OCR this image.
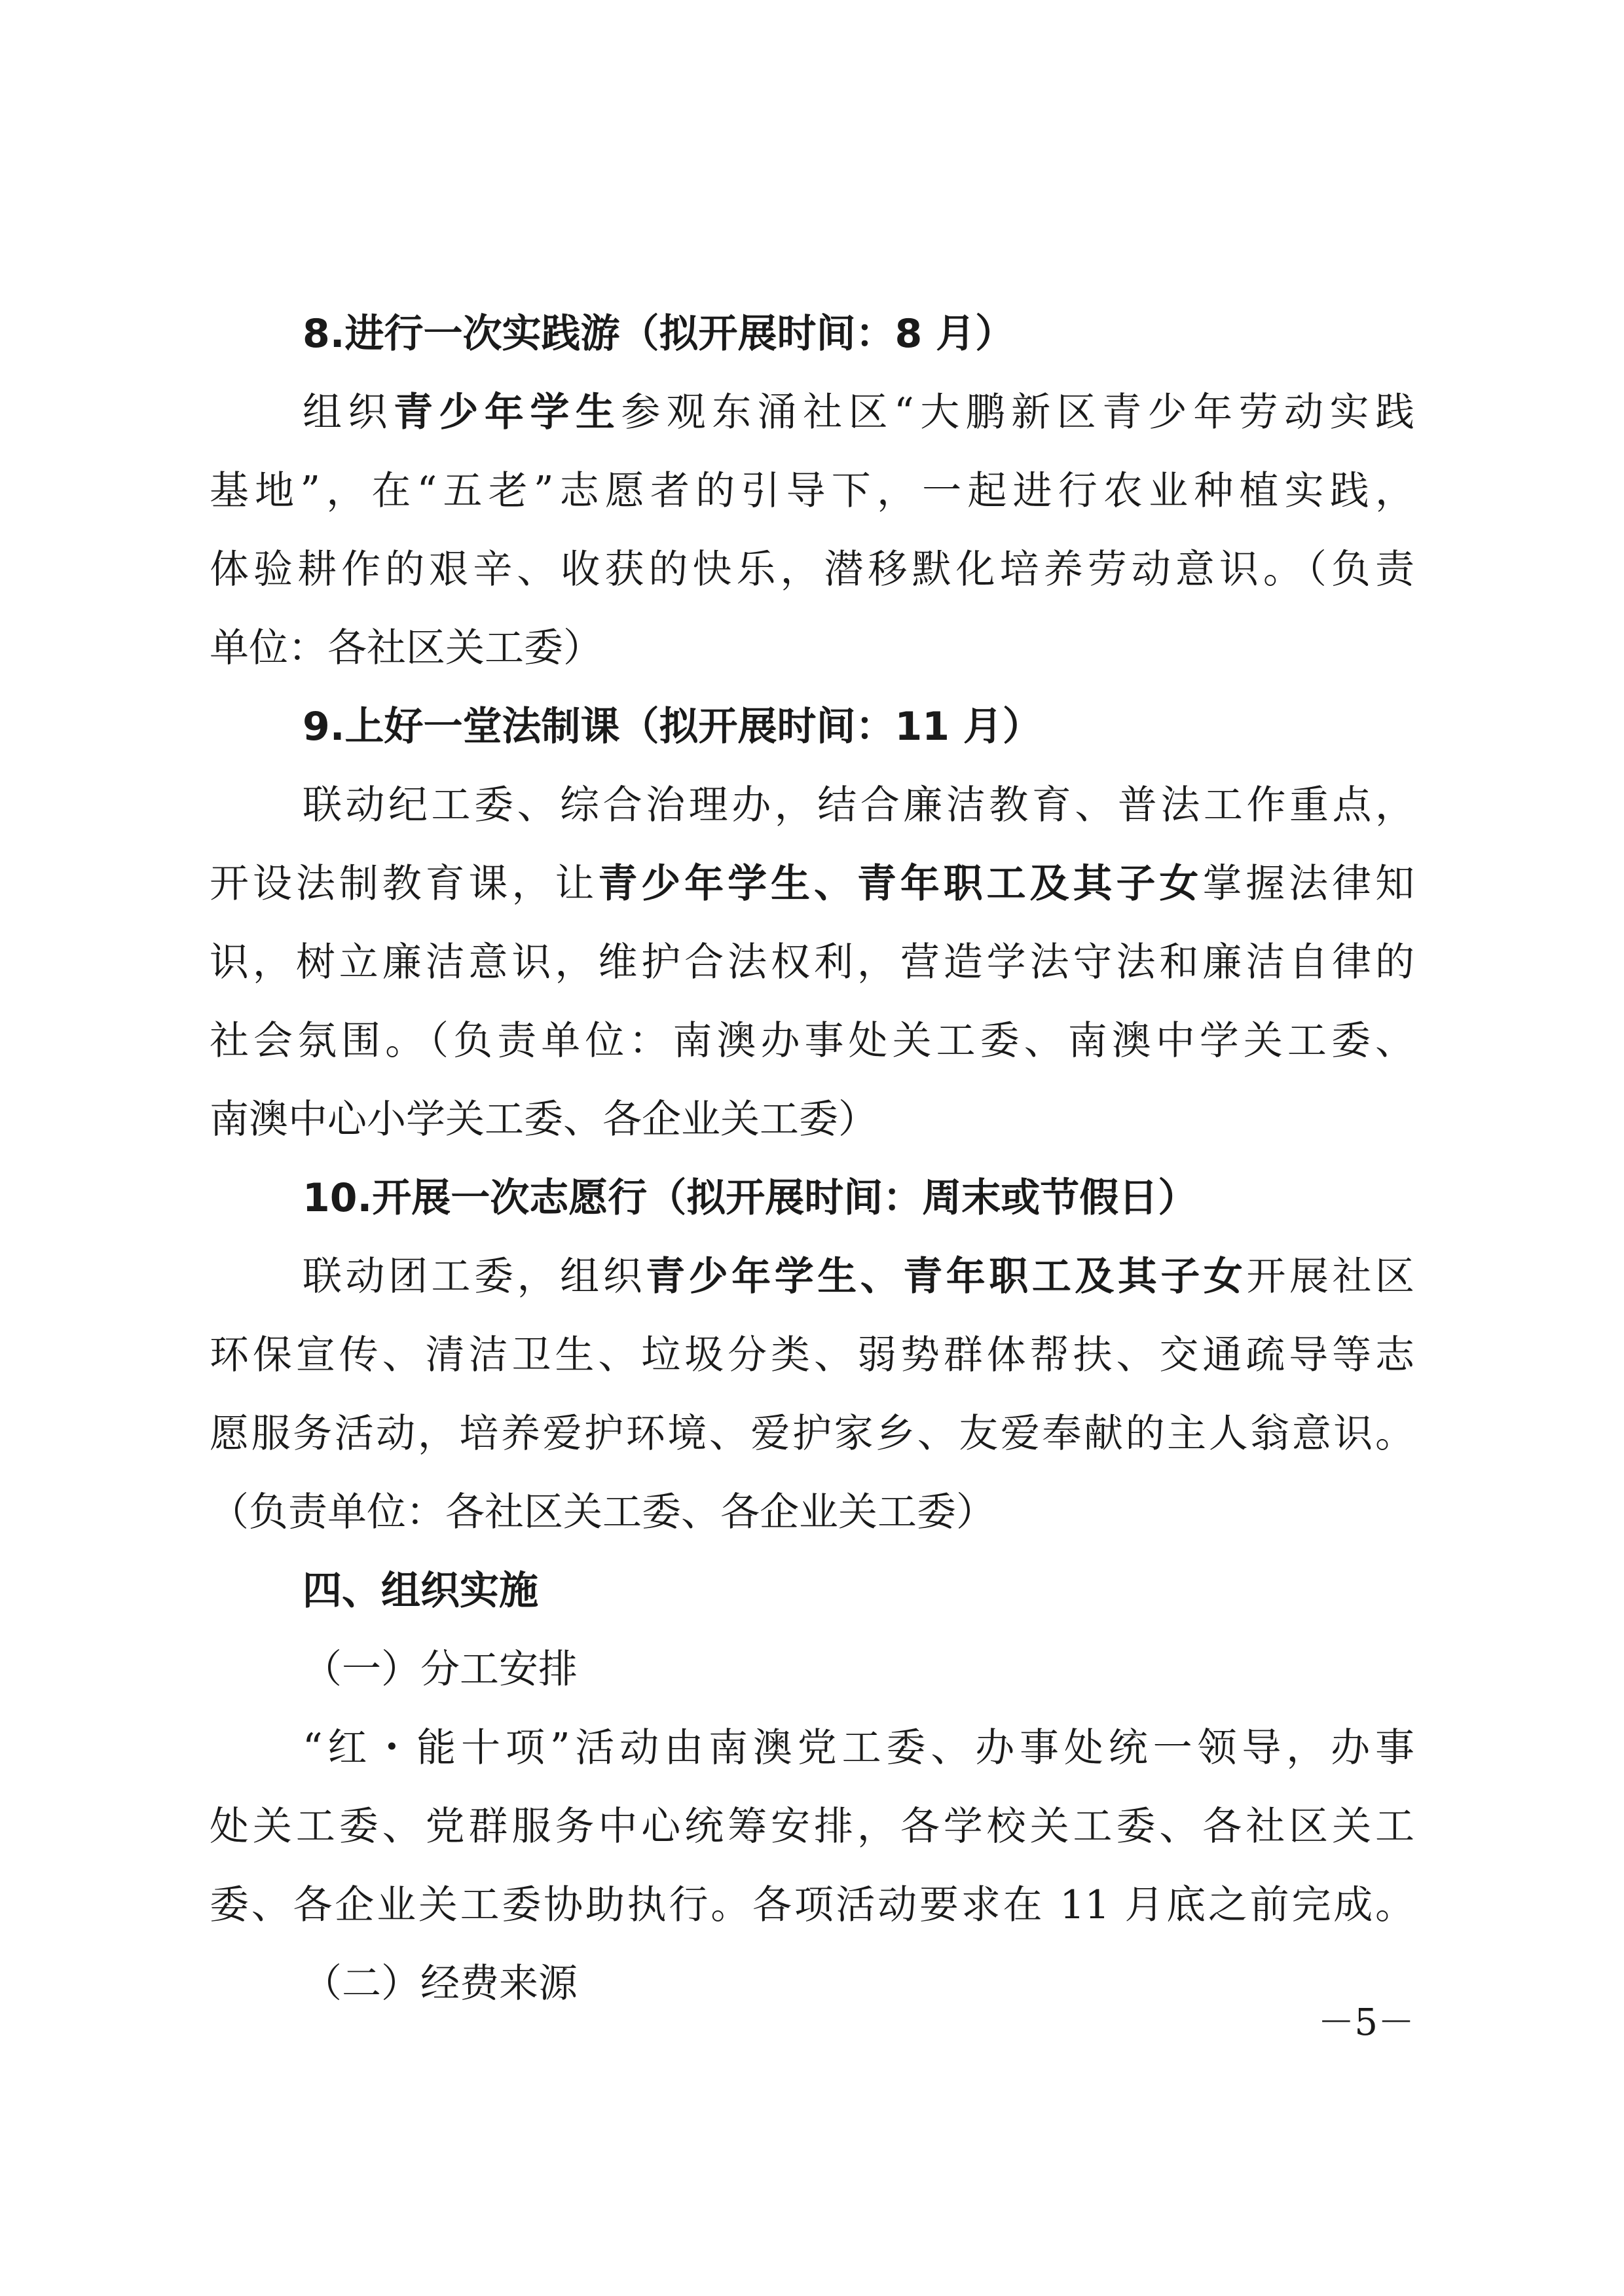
8.进行一次实践游（拟开展时间：8 月）
组织青少年学生参观东涌社区“大鹏新区青少年劳动实践
基地”，在“五老”志愿者的引导下，一起进行农业种植实践，
体验耕作的艰辛、收获的快乐，潜移默化培养劳动意识。（负责
单位：各社区关工委）
9.上好一堂法制课（拟开展时间：11 月）
联动纪工委、综合治理办，结合廉洁教育、普法工作重点，
开设法制教育课，让青少年学生、青年职工及其子女掌握法律知
识，树立廉洁意识，维护合法权利，营造学法守法和廉洁自律的
社会氛围。（负责单位：南澳办事处关工委、南澳中学关工委、
南澳中心小学关工委、各企业关工委）
10.开展一次志愿行（拟开展时间：周末或节假日）
联动团工委，组织青少年学生、青年职工及其子女开展社区
环保宣传、清洁卫生、垃圾分类、弱势群体帮扶、交通疏导等志
愿服务活动，培养爱护环境、爱护家乡、友爱奉献的主人翁意识。
（负责单位：各社区关工委、各企业关工委）
四、组织实施
（一）分工安排
“红・能十项”活动由南澳党工委、办事处统一领导，办事
处关工委、党群服务中心统筹安排，各学校关工委、各社区关工
委、各企业关工委协助执行。各项活动要求在 11 月底之前完成。
（二）经费来源
－5－
